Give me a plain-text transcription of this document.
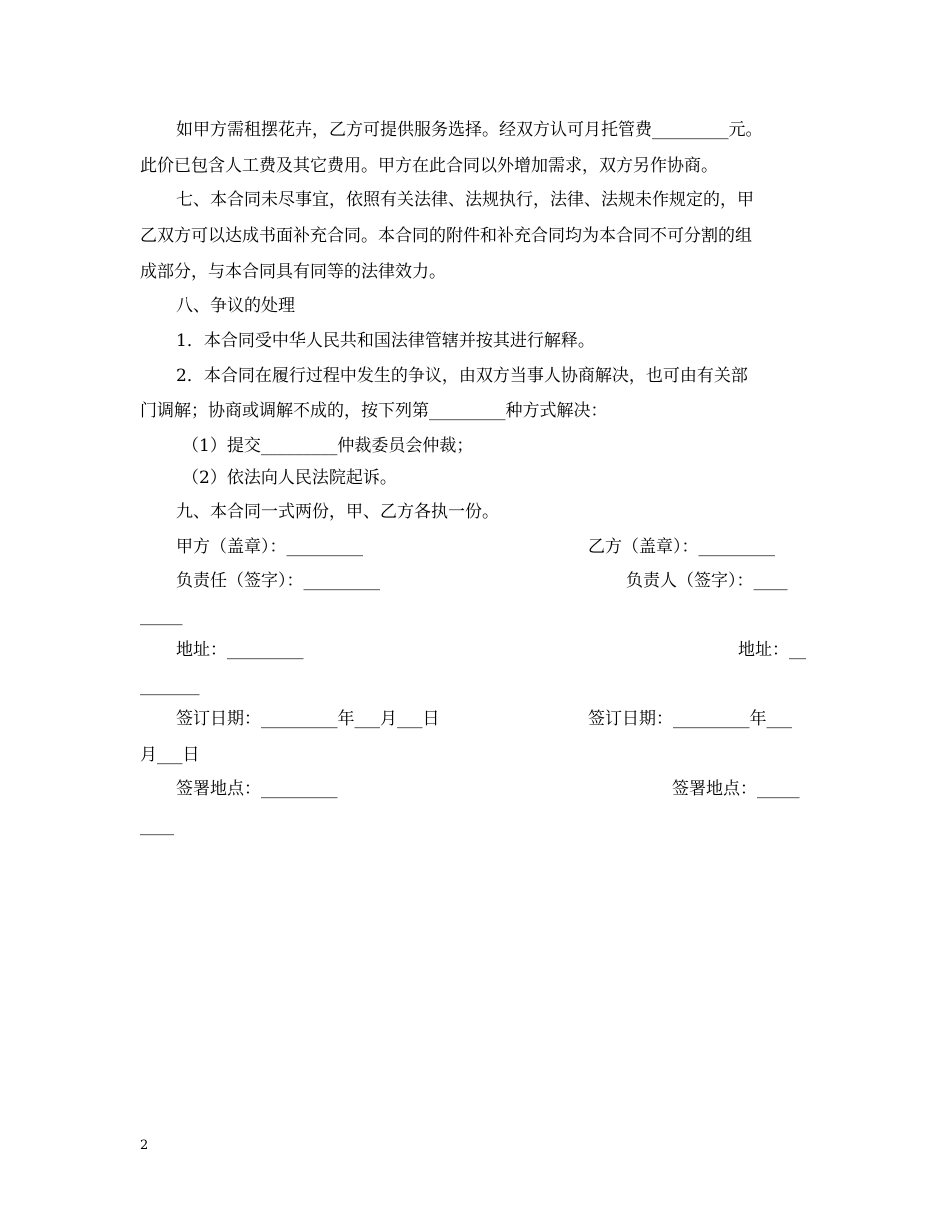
如甲方需租摆花卉，乙方可提供服务选择。经双方认可月托管费_________元。
此价已包含人工费及其它费用。甲方在此合同以外增加需求，双方另作协商。
七、本合同未尽事宜，依照有关法律、法规执行，法律、法规未作规定的，甲
乙双方可以达成书面补充合同。本合同的附件和补充合同均为本合同不可分割的组
成部分，与本合同具有同等的法律效力。
八、争议的处理
1．本合同受中华人民共和国法律管辖并按其进行解释。
2．本合同在履行过程中发生的争议，由双方当事人协商解决，也可由有关部
门调解；协商或调解不成的，按下列第_________种方式解决：
（1）提交_________仲裁委员会仲裁；
（2）依法向人民法院起诉。
九、本合同一式两份，甲、乙方各执一份。
甲方（盖章）：_________	乙方（盖章）：_________
负责任（签字）：_________	负责人（签字）：____
_____
地址：_________	地址：__
_______
签订日期：_________年___月___日	签订日期：_________年___
月___日
签署地点：_________	签署地点：_____
____
2
